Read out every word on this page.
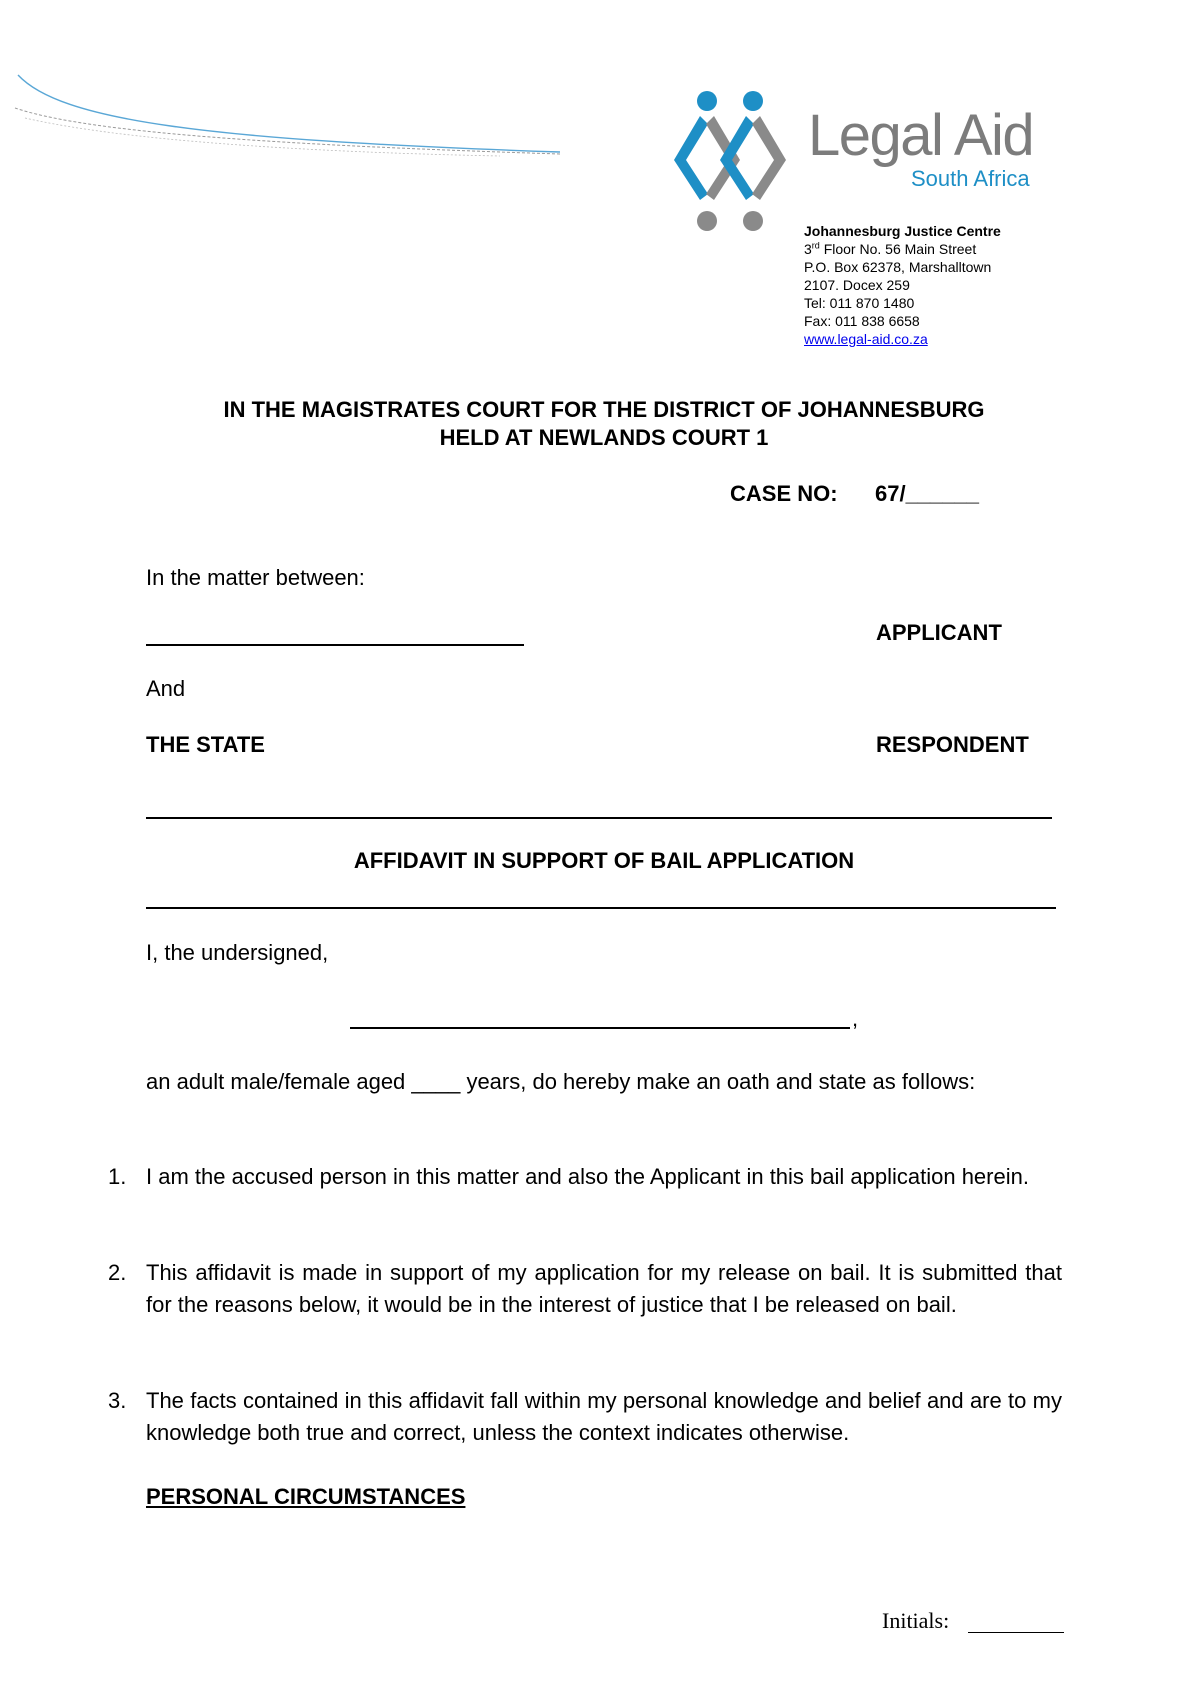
Legal Aid
South Africa
Johannesburg Justice Centre
3rd Floor No. 56 Main Street
P.O. Box 62378, Marshalltown
2107. Docex 259
Tel: 011 870 1480
Fax: 011 838 6658
www.legal-aid.co.za
IN THE MAGISTRATES COURT FOR THE DISTRICT OF JOHANNESBURG
HELD AT NEWLANDS COURT 1
CASE NO: 67/______
In the matter between:
APPLICANT
And
THE STATE	RESPONDENT
AFFIDAVIT IN SUPPORT OF BAIL APPLICATION
I, the undersigned,
,
an adult male/female aged ____ years, do hereby make an oath and state as follows:
1. I am the accused person in this matter and also the Applicant in this bail application herein.
2. This affidavit is made in support of my application for my release on bail. It is submitted that for the reasons below, it would be in the interest of justice that I be released on bail.
3. The facts contained in this affidavit fall within my personal knowledge and belief and are to my knowledge both true and correct, unless the context indicates otherwise.
PERSONAL CIRCUMSTANCES
Initials:
